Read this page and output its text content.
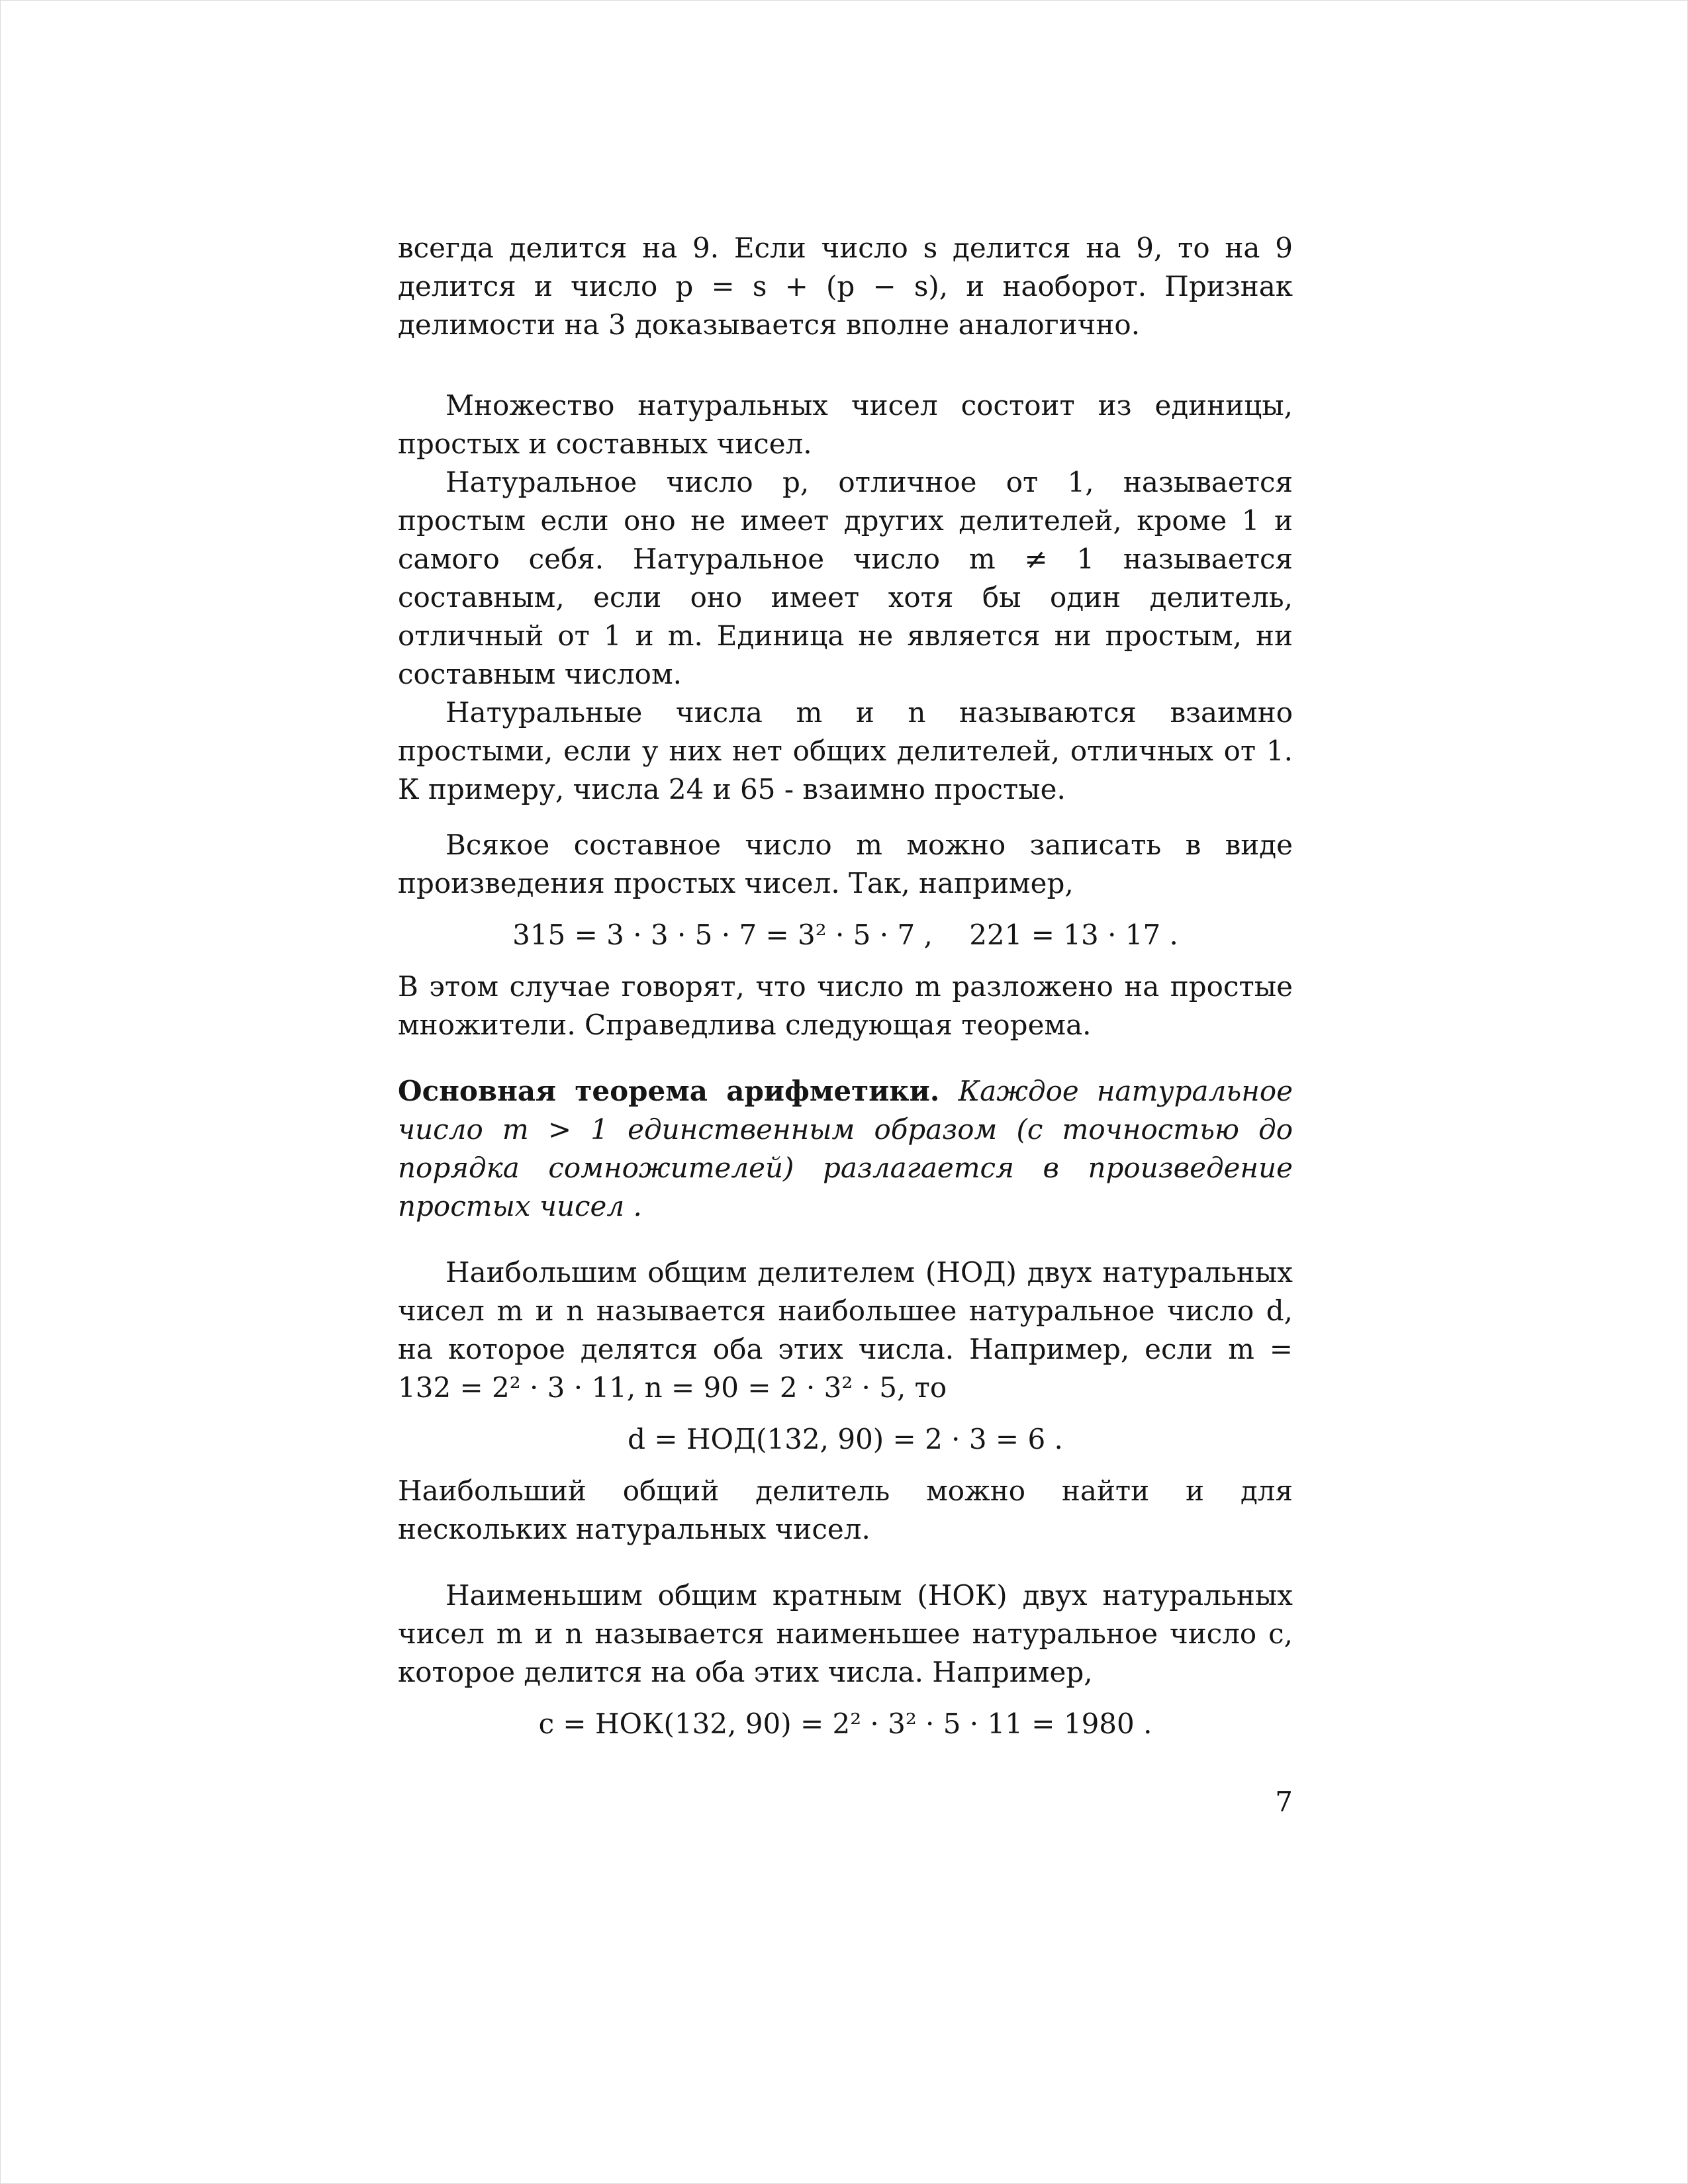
всегда делится на 9. Если число s делится на 9, то на 9 делится и число p = s + (p − s), и наоборот. Признак делимости на 3 доказывается вполне аналогично.

Множество натуральных чисел состоит из единицы, простых и составных чисел.

Натуральное число p, отличное от 1, называется простым если оно не имеет других делителей, кроме 1 и самого себя. Натуральное число m ≠ 1 называется составным, если оно имеет хотя бы один делитель, отличный от 1 и m. Единица не является ни простым, ни составным числом.

Натуральные числа m и n называются взаимно простыми, если у них нет общих делителей, отличных от 1. К примеру, числа 24 и 65 - взаимно простые.

Всякое составное число m можно записать в виде произведения простых чисел. Так, например,

315 = 3 · 3 · 5 · 7 = 3² · 5 · 7 ,  221 = 13 · 17 .

В этом случае говорят, что число m разложено на простые множители. Справедлива следующая теорема.

Основная теорема арифметики. Каждое натуральное число m > 1 единственным образом (с точностью до порядка сомножителей) разлагается в произведение простых чисел .

Наибольшим общим делителем (НОД) двух натуральных чисел m и n называется наибольшее натуральное число d, на которое делятся оба этих числа. Например, если m = 132 = 2² · 3 · 11, n = 90 = 2 · 3² · 5, то

d = НОД(132, 90) = 2 · 3 = 6 .

Наибольший общий делитель можно найти и для нескольких натуральных чисел.

Наименьшим общим кратным (НОК) двух натуральных чисел m и n называется наименьшее натуральное число c, которое делится на оба этих числа. Например,

c = НОК(132, 90) = 2² · 3² · 5 · 11 = 1980 .
7
